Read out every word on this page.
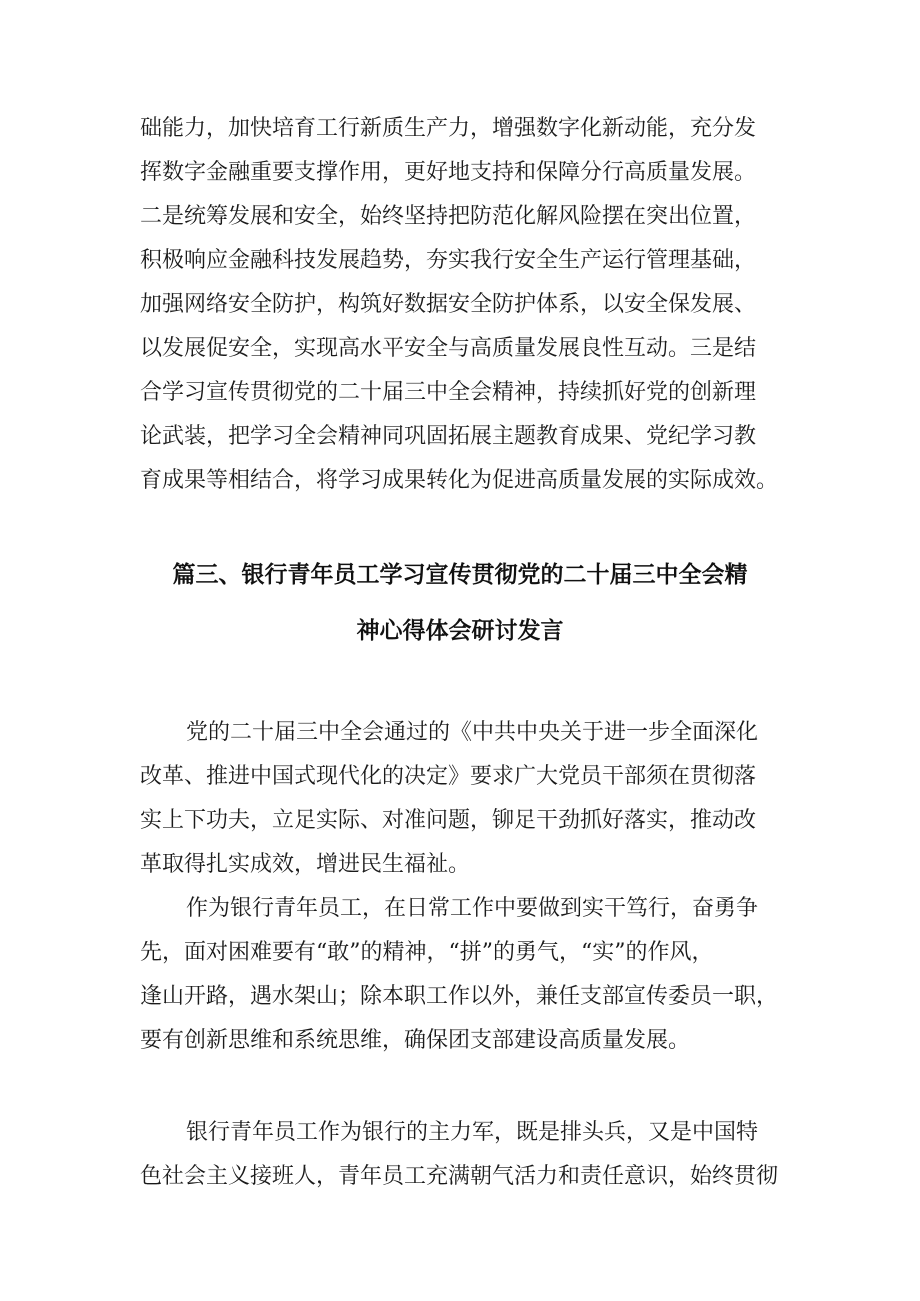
础能力，加快培育工行新质生产力，增强数字化新动能，充分发

挥数字金融重要支撑作用，更好地支持和保障分行高质量发展。

二是统筹发展和安全，始终坚持把防范化解风险摆在突出位置，

积极响应金融科技发展趋势，夯实我行安全生产运行管理基础，

加强网络安全防护，构筑好数据安全防护体系，以安全保发展、

以发展促安全，实现高水平安全与高质量发展良性互动。三是结

合学习宣传贯彻党的二十届三中全会精神，持续抓好党的创新理

论武装，把学习全会精神同巩固拓展主题教育成果、党纪学习教

育成果等相结合，将学习成果转化为促进高质量发展的实际成效。

篇三、银行青年员工学习宣传贯彻党的二十届三中全会精
神心得体会研讨发言

党的二十届三中全会通过的《中共中央关于进一步全面深化

改革、推进中国式现代化的决定》要求广大党员干部须在贯彻落

实上下功夫，立足实际、对准问题，铆足干劲抓好落实，推动改

革取得扎实成效，增进民生福祉。

作为银行青年员工，在日常工作中要做到实干笃行，奋勇争

先，面对困难要有“敢”的精神，“拼”的勇气，“实”的作风，

逢山开路，遇水架山；除本职工作以外，兼任支部宣传委员一职，

要有创新思维和系统思维，确保团支部建设高质量发展。

银行青年员工作为银行的主力军，既是排头兵，又是中国特

色社会主义接班人，青年员工充满朝气活力和责任意识，始终贯彻
